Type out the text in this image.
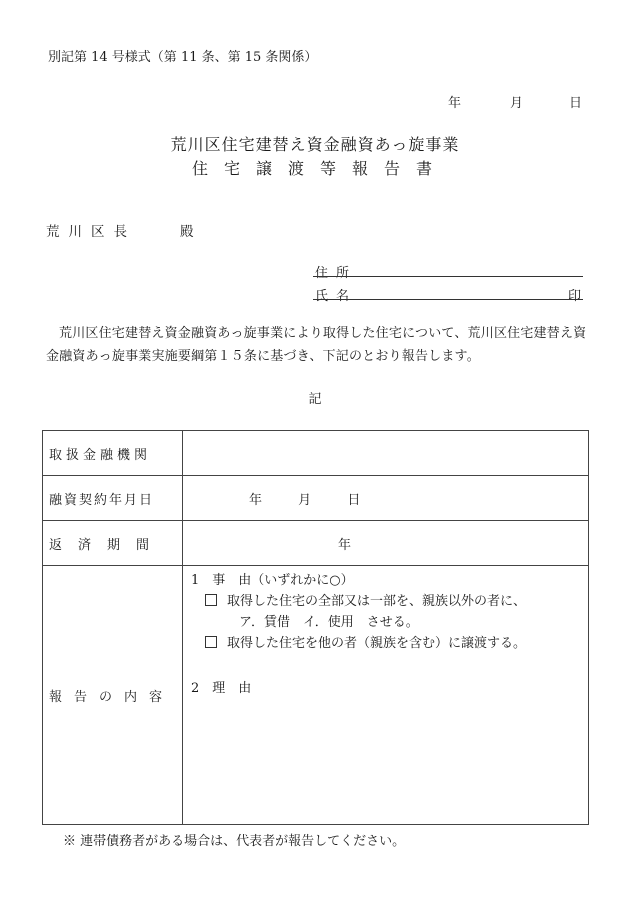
別記第 14 号様式（第 11 条、第 15 条関係）
年	月	日
荒川区住宅建替え資金融資あっ旋事業
住宅譲渡等報告書
荒川区長	殿
住所
氏名	印
荒川区住宅建替え資金融資あっ旋事業により取得した住宅について、荒川区住宅建替え資金融資あっ旋事業実施要綱第１５条に基づき、下記のとおり報告します。
記
取扱金融機関	
融資契約年月日	年 月 日
返済期間	年
報告の内容	1　事　由（いずれかに○）
取得した住宅の全部又は一部を、親族以外の者に、
ア．賃借　イ．使用　させる。
取得した住宅を他の者（親族を含む）に譲渡する。
2　理　由
※ 連帯債務者がある場合は、代表者が報告してください。
